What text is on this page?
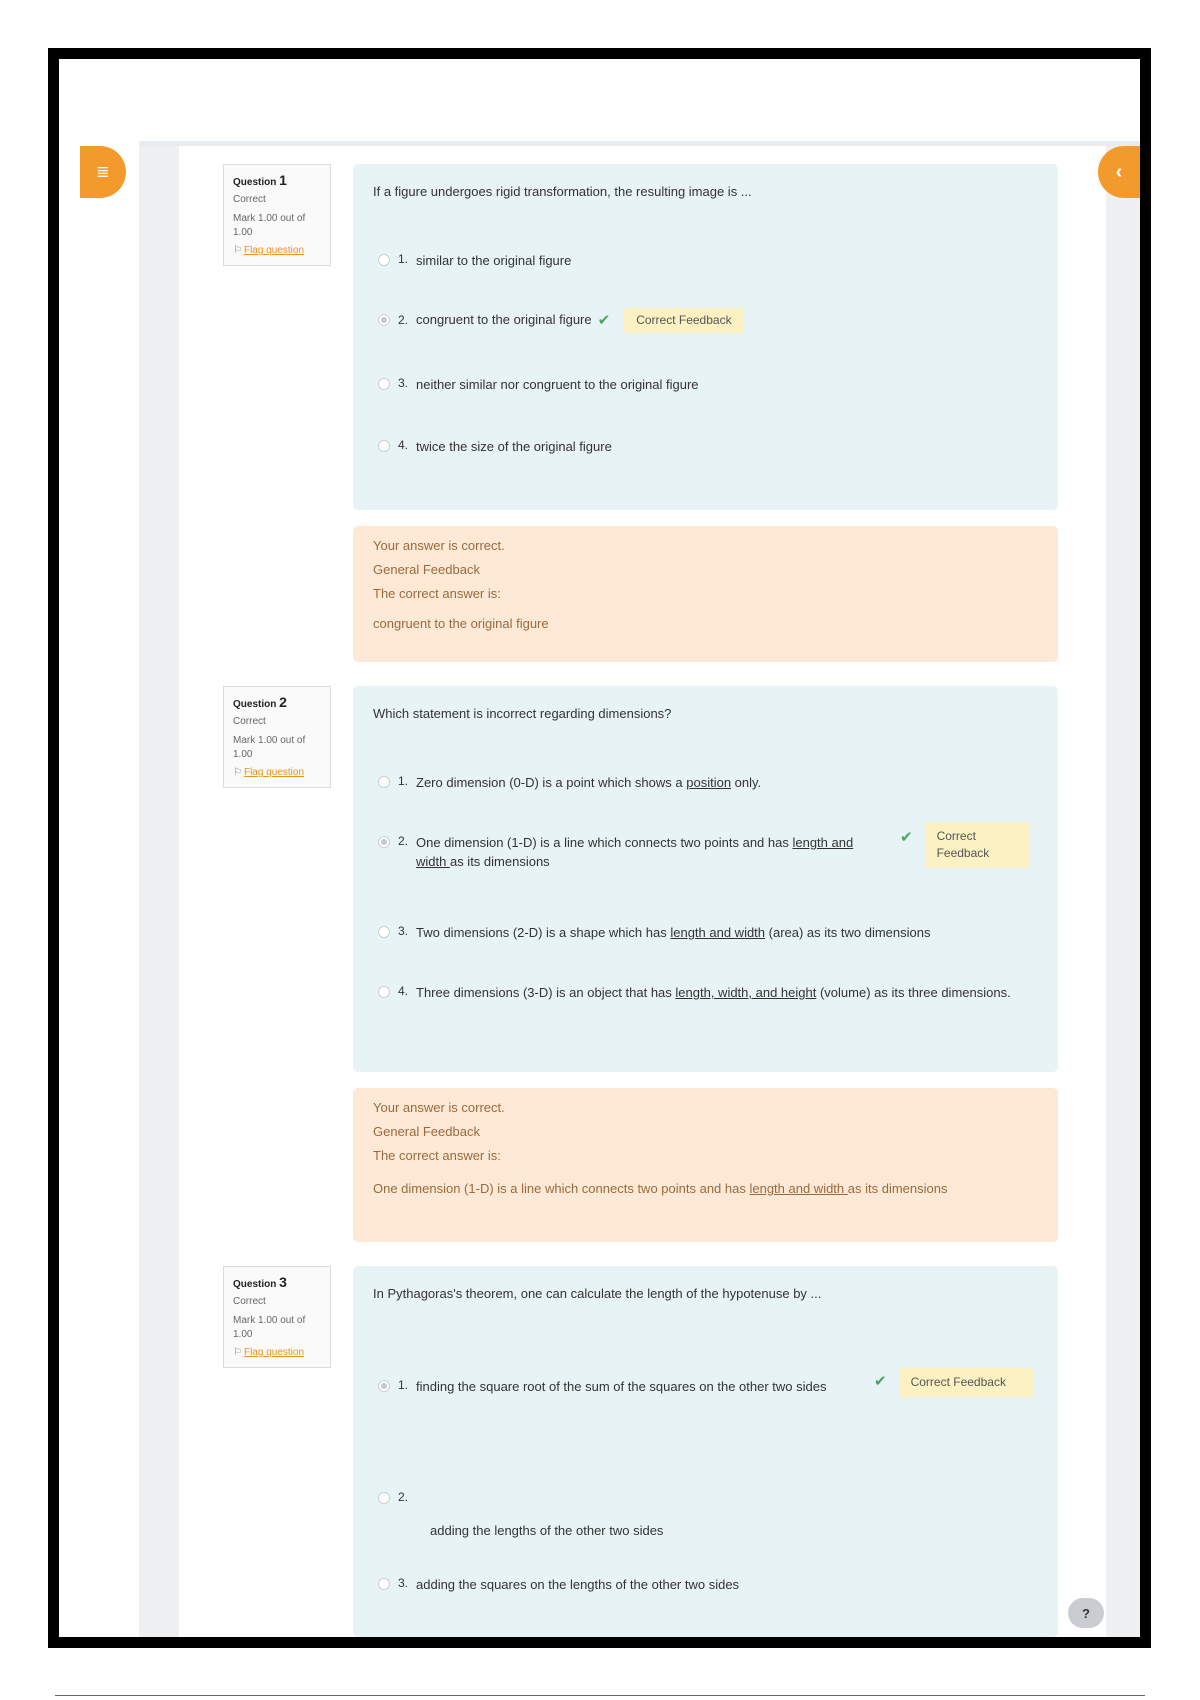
≣	‹
Question 1
Correct
Mark 1.00 out of 1.00
⚐ Flag question
If a figure undergoes rigid transformation, the resulting image is ...
1. similar to the original figure
2. congruent to the original figure ✔	Correct Feedback
3. neither similar nor congruent to the original figure
4. twice the size of the original figure
Your answer is correct.
General Feedback
The correct answer is:
congruent to the original figure
Question 2
Correct
Mark 1.00 out of 1.00
⚐ Flag question
Which statement is incorrect regarding dimensions?
1. Zero dimension (0-D) is a point which shows a position only.
2. One dimension (1-D) is a line which connects two points and has length and width as its dimensions
✔	Correct Feedback
3. Two dimensions (2-D) is a shape which has length and width (area) as its two dimensions
4. Three dimensions (3-D) is an object that has length, width, and height (volume) as its three dimensions.
Your answer is correct.
General Feedback
The correct answer is:
One dimension (1-D) is a line which connects two points and has length and width as its dimensions
Question 3
Correct
Mark 1.00 out of 1.00
⚐ Flag question
In Pythagoras's theorem, one can calculate the length of the hypotenuse by ...
1. finding the square root of the sum of the squares on the other two sides	✔	Correct Feedback
2.
adding the lengths of the other two sides
3. adding the squares on the lengths of the other two sides
?
